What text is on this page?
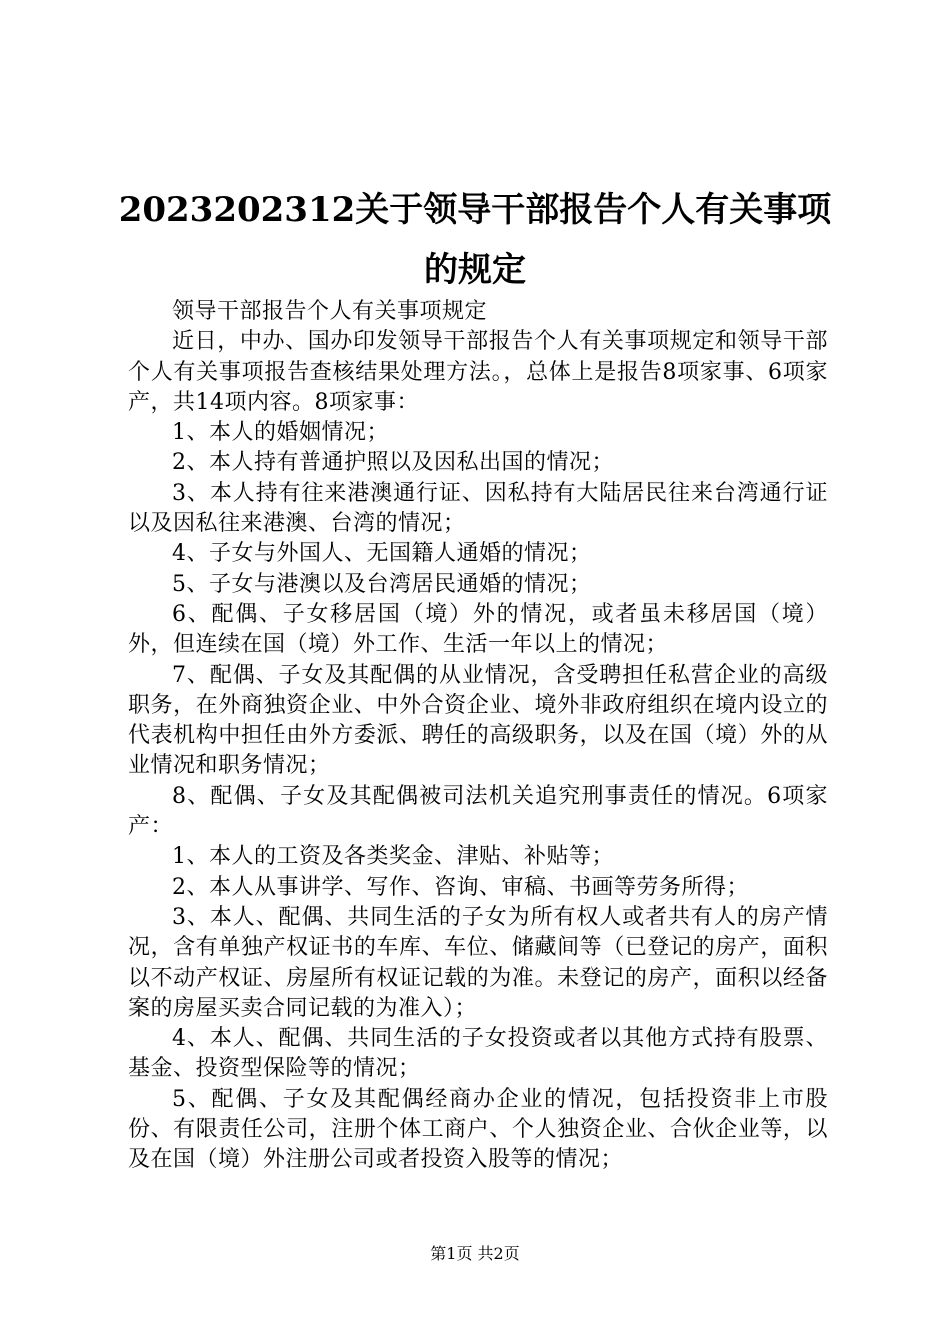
2023202312关于领导干部报告个人有关事项
的规定

领导干部报告个人有关事项规定

近日，中办、国办印发领导干部报告个人有关事项规定和领导干部个人有关事项报告查核结果处理方法。，总体上是报告8项家事、6项家产，共14项内容。8项家事：

1、本人的婚姻情况；

2、本人持有普通护照以及因私出国的情况；

3、本人持有往来港澳通行证、因私持有大陆居民往来台湾通行证以及因私往来港澳、台湾的情况；

4、子女与外国人、无国籍人通婚的情况；

5、子女与港澳以及台湾居民通婚的情况；

6、配偶、子女移居国（境）外的情况，或者虽未移居国（境）外，但连续在国（境）外工作、生活一年以上的情况；

7、配偶、子女及其配偶的从业情况，含受聘担任私营企业的高级职务，在外商独资企业、中外合资企业、境外非政府组织在境内设立的代表机构中担任由外方委派、聘任的高级职务，以及在国（境）外的从业情况和职务情况；

8、配偶、子女及其配偶被司法机关追究刑事责任的情况。6项家产：

1、本人的工资及各类奖金、津贴、补贴等；

2、本人从事讲学、写作、咨询、审稿、书画等劳务所得；

3、本人、配偶、共同生活的子女为所有权人或者共有人的房产情况，含有单独产权证书的车库、车位、储藏间等（已登记的房产，面积以不动产权证、房屋所有权证记载的为准。未登记的房产，面积以经备案的房屋买卖合同记载的为准入）；

4、本人、配偶、共同生活的子女投资或者以其他方式持有股票、基金、投资型保险等的情况；

5、配偶、子女及其配偶经商办企业的情况，包括投资非上市股份、有限责任公司，注册个体工商户、个人独资企业、合伙企业等，以及在国（境）外注册公司或者投资入股等的情况；

第1页 共2页
